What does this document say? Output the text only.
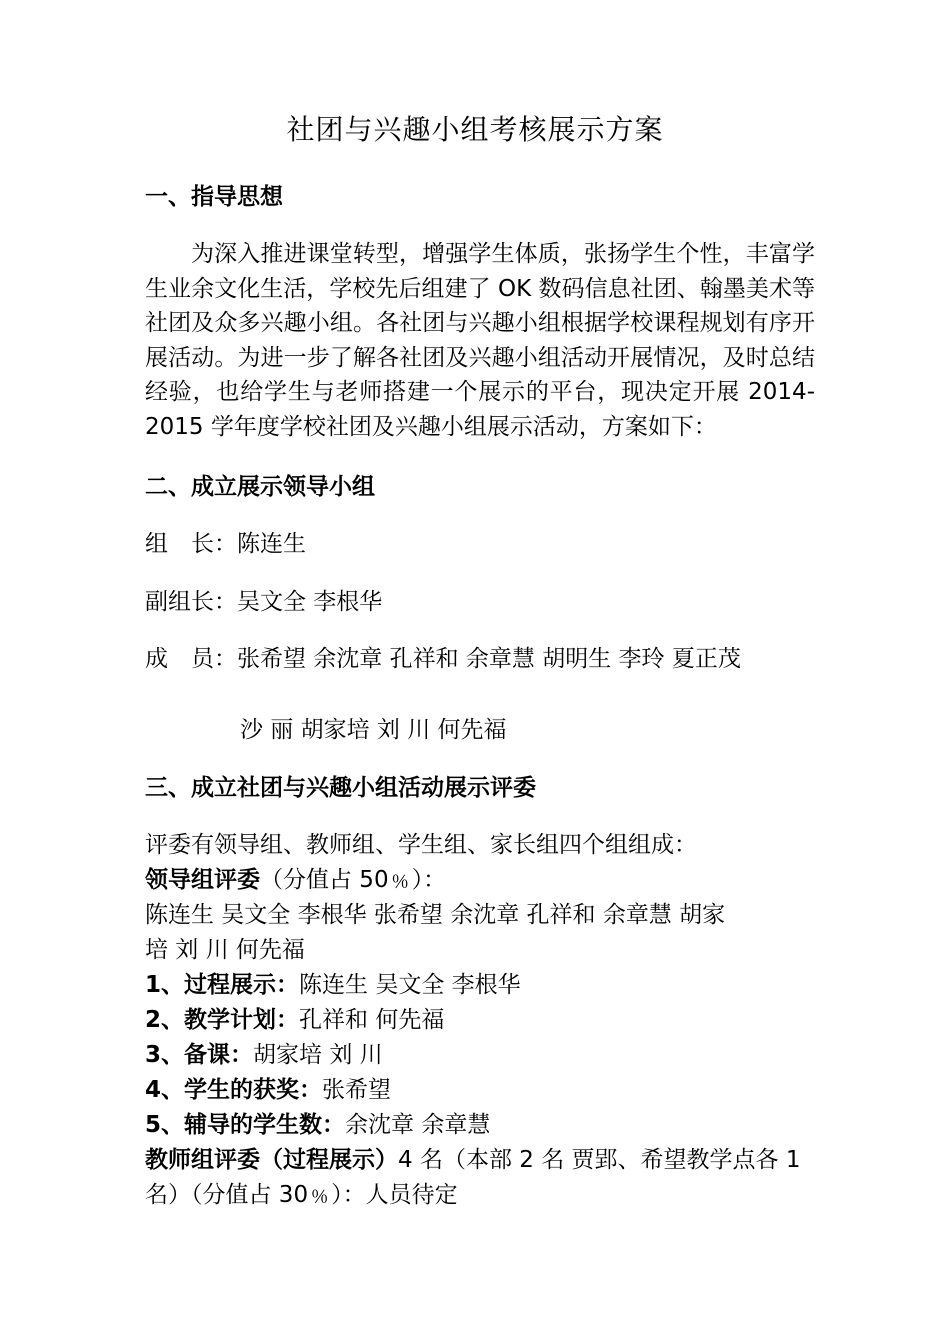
社团与兴趣小组考核展示方案

一、指导思想

为深入推进课堂转型，增强学生体质，张扬学生个性，丰富学生业余文化生活，学校先后组建了 OK 数码信息社团、翰墨美术等社团及众多兴趣小组。各社团与兴趣小组根据学校课程规划有序开展活动。为进一步了解各社团及兴趣小组活动开展情况，及时总结经验，也给学生与老师搭建一个展示的平台，现决定开展 2014-2015 学年度学校社团及兴趣小组展示活动，方案如下：

二、成立展示领导小组

组　长：陈连生

副组长：吴文全 李根华

成　员：张希望 余沈章 孔祥和 余章慧 胡明生 李玲 夏正茂

沙 丽 胡家培 刘 川 何先福

三、成立社团与兴趣小组活动展示评委

评委有领导组、教师组、学生组、家长组四个组组成：

领导组评委（分值占 50﹪）：

陈连生 吴文全 李根华 张希望 余沈章 孔祥和 余章慧 胡家

培 刘 川 何先福

1、过程展示：陈连生 吴文全 李根华

2、教学计划：孔祥和 何先福

3、备课：胡家培 刘 川

4、学生的获奖：张希望

5、辅导的学生数：余沈章 余章慧

教师组评委（过程展示）4 名（本部 2 名 贾郢、希望教学点各 1

名）（分值占 30﹪）：人员待定
